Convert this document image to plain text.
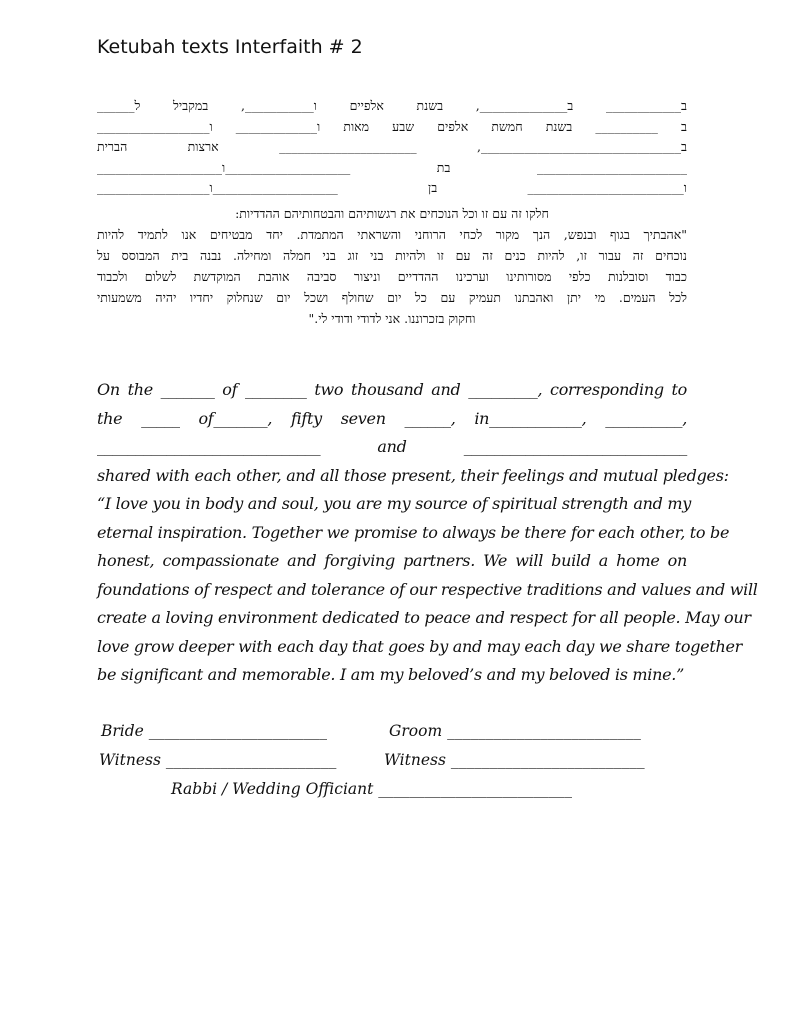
Ketubah texts Interfaith # 2
ב____________ ב______________, בשנת אלפיים ו___________, במקביל ל______
ב __________ בשנת חמשת אלפים שבע מאות ו_____________ ו__________________
ב________________________________, ______________________ ארצות הברית
________________________ בת ____________________ו____________________
ו_________________________ בן ____________________ו__________________
חלקו זה עם זו וכל הנוכחים את רגשותיהם והבטחותיהם ההדדיות:
"אהבתיך בגוף ובנפש, הנך מקור לכחי הרוחני והשראתי המתמדת. יחד מבטיחים אנו לתמיד להיות
נוכחים זה עבור זו, להיות כנים זה עם זו ולהיות בני זוג בני חמלה ומחילה. נבנה בית המבוסס על
כבוד וסובלנות כלפי מסורותינו וערכינו ההדדיים וניצור סביבה אוהבת המוקדשת לשלום ולכבוד
לכל העמים. מי יתן ואהבתנו תעמיק עם כל יום שחולף ושכל יום שנחלוק יחדיו יהיה משמעותי
וחקוק בזכרוננו. אני לדודי ודודי לי."
On the _______ of ________ two thousand and _________, corresponding to
the _____ of_______, fifty seven ______, in____________, __________,
_____________________________ and _____________________________
shared with each other, and all those present, their feelings and mutual pledges:
“I love you in body and soul, you are my source of spiritual strength and my
eternal inspiration. Together we promise to always be there for each other, to be
honest, compassionate and forgiving partners. We will build a home on
foundations of respect and tolerance of our respective traditions and values and will
create a loving environment dedicated to peace and respect for all people. May our
love grow deeper with each day that goes by and may each day we share together
be significant and memorable. I am my beloved’s and my beloved is mine.”
Bride _______________________	Groom _________________________
Witness ______________________	Witness _________________________
Rabbi / Wedding Officiant _________________________
